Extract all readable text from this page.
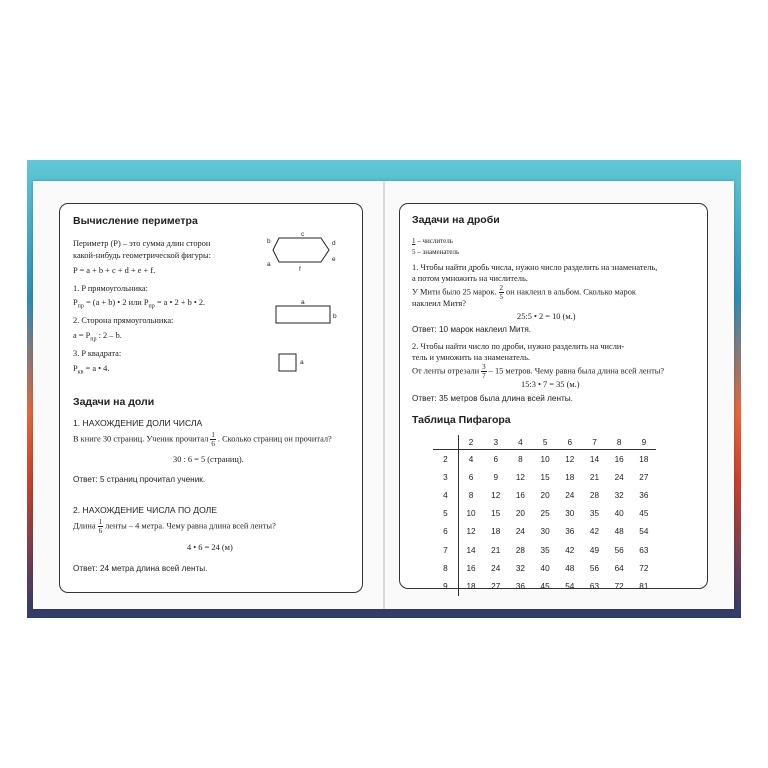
Вычисление периметра
Периметр (P) – это сумма длин сторон
какой-нибудь геометрической фигуры:
P = a + b + c + d + e + f.
1. P прямоугольника:
$P_{пр} = (a + b)$ • 2 или $P_{пр} = a$ • 2 + b • 2.
2. Сторона прямоугольника:
$a = P_{пр}$ : 2 – b.
3. P квадрата:
$P_{кв} = a$ • 4.
c
d
e
f
a
b
a
b
a
Задачи на доли
1. НАХОЖДЕНИЕ ДОЛИ ЧИСЛА
В книге 30 страниц. Ученик прочитал $\frac{1}{6}$ . Сколько страниц он прочитал?
30 : 6 = 5 (страниц).
Ответ: 5 страниц прочитал ученик.
2. НАХОЖДЕНИЕ ЧИСЛА ПО ДОЛЕ
Длина $\frac{1}{6}$ ленты – 4 метра. Чему равна длина всей ленты?
4 • 6 = 24 (м)
Ответ: 24 метра длина всей ленты.
Задачи на дроби
1 – числитель
5 – знаменатель
1. Чтобы найти дробь числа, нужно число разделить на знаменатель,
а потом умножить на числитель.
У Мити было 25 марок. $\frac{2}{5}$ он наклеил в альбом. Сколько марок
наклеил Митя?
25:5 • 2 = 10 (м.)
Ответ: 10 марок наклеил Митя.
2. Чтобы найти число по дроби, нужно разделить на числи-
тель и умножить на знаменатель.
От ленты отрезали $\frac{3}{7} - 15$ метров. Чему равна была длина всей ленты?
15:3 • 7 = 35 (м.)
Ответ: 35 метров была длина всей ленты.
Таблица Пифагора
	2	3	4	5	6	7	8	9
2	4	6	8	10	12	14	16	18
3	6	9	12	15	18	21	24	27
4	8	12	16	20	24	28	32	36
5	10	15	20	25	30	35	40	45
6	12	18	24	30	36	42	48	54
7	14	21	28	35	42	49	56	63
8	16	24	32	40	48	56	64	72
9	18	27	36	45	54	63	72	81
